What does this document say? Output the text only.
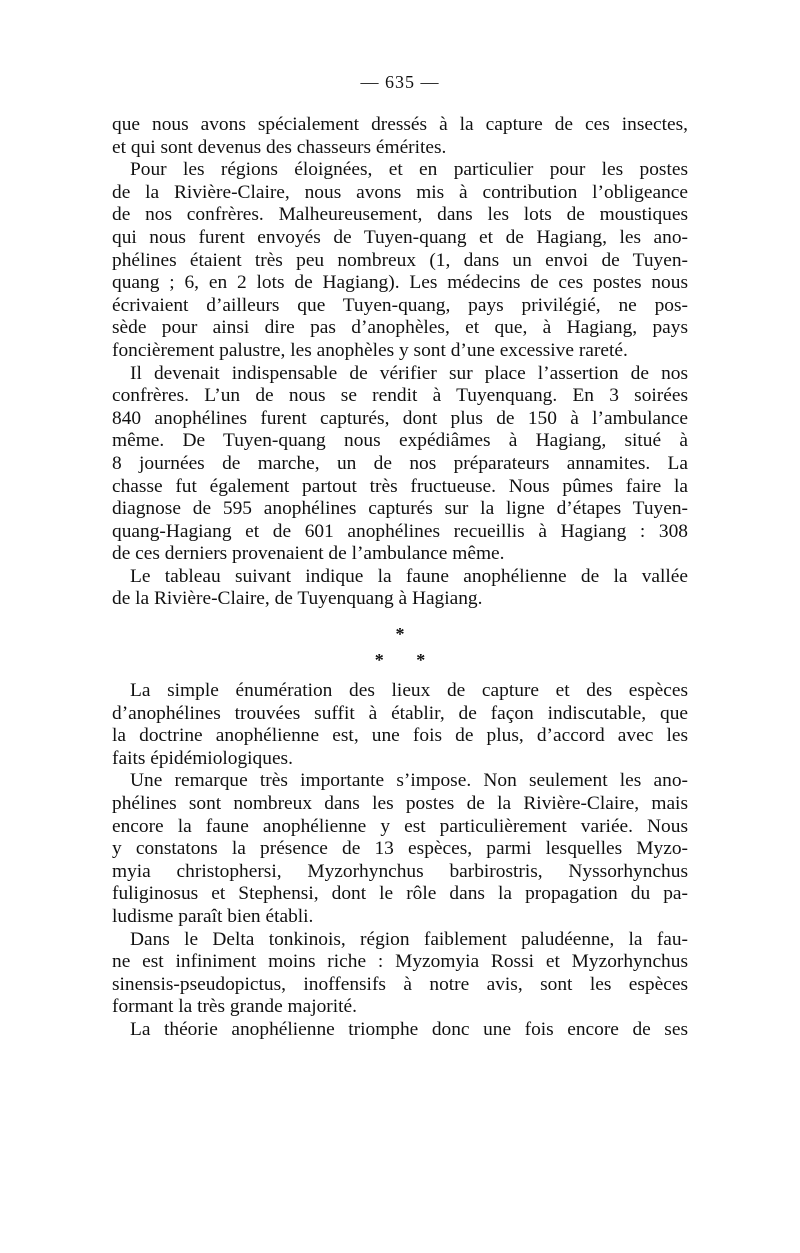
— 635 —

que nous avons spécialement dressés à la capture de ces insectes,

et qui sont devenus des chasseurs émérites.

Pour les régions éloignées, et en particulier pour les postes

de la Rivière-Claire, nous avons mis à contribution l’obligeance

de nos confrères. Malheureusement, dans les lots de moustiques

qui nous furent envoyés de Tuyen-quang et de Hagiang, les ano-

phélines étaient très peu nombreux (1, dans un envoi de Tuyen-

quang ; 6, en 2 lots de Hagiang). Les médecins de ces postes nous

écrivaient d’ailleurs que Tuyen-quang, pays privilégié, ne pos-

sède pour ainsi dire pas d’anophèles, et que, à Hagiang, pays

foncièrement palustre, les anophèles y sont d’une excessive rareté.

Il devenait indispensable de vérifier sur place l’assertion de nos

confrères. L’un de nous se rendit à Tuyenquang. En 3 soirées

840 anophélines furent capturés, dont plus de 150 à l’ambulance

même. De Tuyen-quang nous expédiâmes à Hagiang, situé à

8 journées de marche, un de nos préparateurs annamites. La

chasse fut également partout très fructueuse. Nous pûmes faire la

diagnose de 595 anophélines capturés sur la ligne d’étapes Tuyen-

quang-Hagiang et de 601 anophélines recueillis à Hagiang : 308

de ces derniers provenaient de l’ambulance même.

Le tableau suivant indique la faune anophélienne de la vallée

de la Rivière-Claire, de Tuyenquang à Hagiang.

*
* *

La simple énumération des lieux de capture et des espèces

d’anophélines trouvées suffit à établir, de façon indiscutable, que

la doctrine anophélienne est, une fois de plus, d’accord avec les

faits épidémiologiques.

Une remarque très importante s’impose. Non seulement les ano-

phélines sont nombreux dans les postes de la Rivière-Claire, mais

encore la faune anophélienne y est particulièrement variée. Nous

y constatons la présence de 13 espèces, parmi lesquelles Myzo-

myia christophersi, Myzorhynchus barbirostris, Nyssorhynchus

fuliginosus et Stephensi, dont le rôle dans la propagation du pa-

ludisme paraît bien établi.

Dans le Delta tonkinois, région faiblement paludéenne, la fau-

ne est infiniment moins riche : Myzomyia Rossi et Myzorhynchus

sinensis-pseudopictus, inoffensifs à notre avis, sont les espèces

formant la très grande majorité.

La théorie anophélienne triomphe donc une fois encore de ses
